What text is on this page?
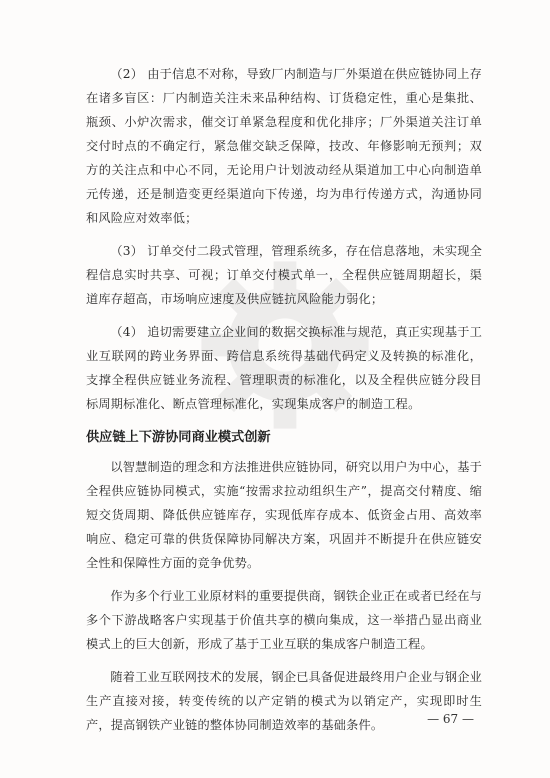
（2） 由于信息不对称，导致厂内制造与厂外渠道在供应链协同上存在诸多盲区：厂内制造关注未来品种结构、订货稳定性，重心是集批、瓶颈、小炉次需求，催交订单紧急程度和优化排序；厂外渠道关注订单交付时点的不确定行，紧急催交缺乏保障，技改、年修影响无预判；双方的关注点和中心不同，无论用户计划波动经从渠道加工中心向制造单元传递，还是制造变更经渠道向下传递，均为串行传递方式，沟通协同和风险应对效率低；

（3） 订单交付二段式管理，管理系统多，存在信息落地，未实现全程信息实时共享、可视；订单交付模式单一，全程供应链周期超长，渠道库存超高，市场响应速度及供应链抗风险能力弱化；

（4） 追切需要建立企业间的数据交换标准与规范，真正实现基于工业互联网的跨业务界面、跨信息系统得基础代码定义及转换的标准化，支撑全程供应链业务流程、管理职责的标准化，以及全程供应链分段目标周期标准化、断点管理标准化，实现集成客户的制造工程。

供应链上下游协同商业模式创新

以智慧制造的理念和方法推进供应链协同，研究以用户为中心，基于全程供应链协同模式，实施“按需求拉动组织生产”，提高交付精度、缩短交货周期、降低供应链库存，实现低库存成本、低资金占用、高效率响应、稳定可靠的供货保障协同解决方案，巩固并不断提升在供应链安全性和保障性方面的竞争优势。

作为多个行业工业原材料的重要提供商，钢铁企业正在或者已经在与多个下游战略客户实现基于价值共享的横向集成，这一举措凸显出商业模式上的巨大创新，形成了基于工业互联的集成客户制造工程。

随着工业互联网技术的发展，钢企已具备促进最终用户企业与钢企业生产直接对接，转变传统的以产定销的模式为以销定产，实现即时生产，提高钢铁产业链的整体协同制造效率的基础条件。	— 67 —
